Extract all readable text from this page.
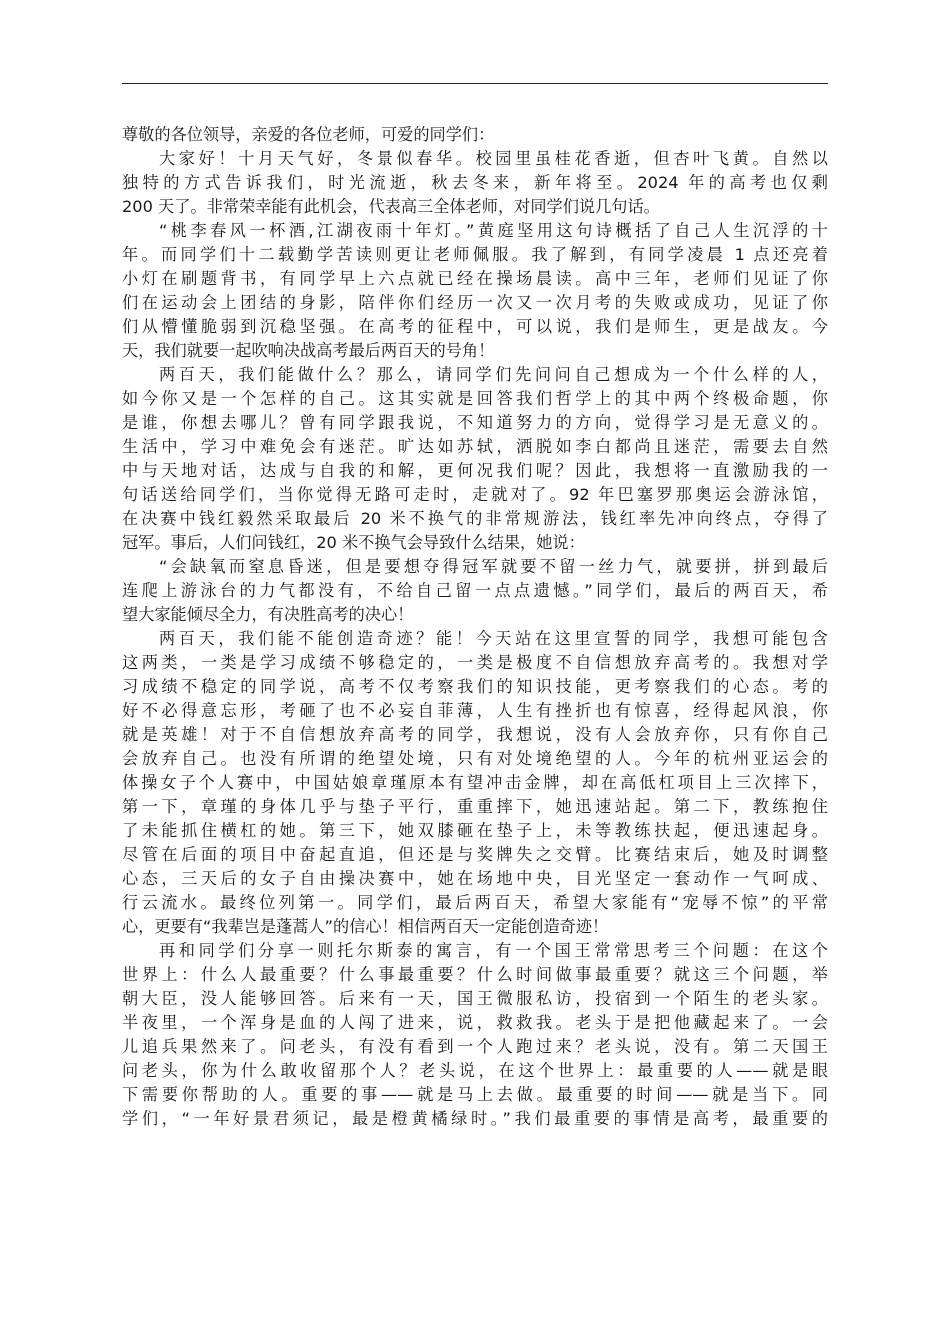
尊敬的各位领导，亲爱的各位老师，可爱的同学们：
大家好！十月天气好，冬景似春华。校园里虽桂花香逝，但杏叶飞黄。自然以
独特的方式告诉我们，时光流逝，秋去冬来，新年将至。2024 年的高考也仅剩
200 天了。非常荣幸能有此机会，代表高三全体老师，对同学们说几句话。
“桃李春风一杯酒,江湖夜雨十年灯。”黄庭坚用这句诗概括了自己人生沉浮的十
年。而同学们十二载勤学苦读则更让老师佩服。我了解到，有同学凌晨 1 点还亮着
小灯在刷题背书，有同学早上六点就已经在操场晨读。高中三年，老师们见证了你
们在运动会上团结的身影，陪伴你们经历一次又一次月考的失败或成功，见证了你
们从懵懂脆弱到沉稳坚强。在高考的征程中，可以说，我们是师生，更是战友。今
天，我们就要一起吹响决战高考最后两百天的号角！
两百天，我们能做什么？那么，请同学们先问问自己想成为一个什么样的人，
如今你又是一个怎样的自己。这其实就是回答我们哲学上的其中两个终极命题，你
是谁，你想去哪儿？曾有同学跟我说，不知道努力的方向，觉得学习是无意义的。
生活中，学习中难免会有迷茫。旷达如苏轼，洒脱如李白都尚且迷茫，需要去自然
中与天地对话，达成与自我的和解，更何况我们呢？因此，我想将一直激励我的一
句话送给同学们，当你觉得无路可走时，走就对了。92 年巴塞罗那奥运会游泳馆，
在决赛中钱红毅然采取最后 20 米不换气的非常规游法，钱红率先冲向终点，夺得了
冠军。事后，人们问钱红，20 米不换气会导致什么结果，她说：
“会缺氧而窒息昏迷，但是要想夺得冠军就要不留一丝力气，就要拼，拼到最后
连爬上游泳台的力气都没有，不给自己留一点点遗憾。”同学们，最后的两百天，希
望大家能倾尽全力，有决胜高考的决心！
两百天，我们能不能创造奇迹？能！今天站在这里宣誓的同学，我想可能包含
这两类，一类是学习成绩不够稳定的，一类是极度不自信想放弃高考的。我想对学
习成绩不稳定的同学说，高考不仅考察我们的知识技能，更考察我们的心态。考的
好不必得意忘形，考砸了也不必妄自菲薄，人生有挫折也有惊喜，经得起风浪，你
就是英雄！对于不自信想放弃高考的同学，我想说，没有人会放弃你，只有你自己
会放弃自己。也没有所谓的绝望处境，只有对处境绝望的人。今年的杭州亚运会的
体操女子个人赛中，中国姑娘章瑾原本有望冲击金牌，却在高低杠项目上三次摔下，
第一下，章瑾的身体几乎与垫子平行，重重摔下，她迅速站起。第二下，教练抱住
了未能抓住横杠的她。第三下，她双膝砸在垫子上，未等教练扶起，便迅速起身。
尽管在后面的项目中奋起直追，但还是与奖牌失之交臂。比赛结束后，她及时调整
心态，三天后的女子自由操决赛中，她在场地中央，目光坚定一套动作一气呵成、
行云流水。最终位列第一。同学们，最后两百天，希望大家能有“宠辱不惊”的平常
心，更要有“我辈岂是蓬蒿人”的信心！相信两百天一定能创造奇迹！
再和同学们分享一则托尔斯泰的寓言，有一个国王常常思考三个问题：在这个
世界上：什么人最重要？什么事最重要？什么时间做事最重要？就这三个问题，举
朝大臣，没人能够回答。后来有一天，国王微服私访，投宿到一个陌生的老头家。
半夜里，一个浑身是血的人闯了进来，说，救救我。老头于是把他藏起来了。一会
儿追兵果然来了。问老头，有没有看到一个人跑过来？老头说，没有。第二天国王
问老头，你为什么敢收留那个人？老头说，在这个世界上：最重要的人——就是眼
下需要你帮助的人。重要的事——就是马上去做。最重要的时间——就是当下。同
学们，“一年好景君须记，最是橙黄橘绿时。”我们最重要的事情是高考，最重要的
